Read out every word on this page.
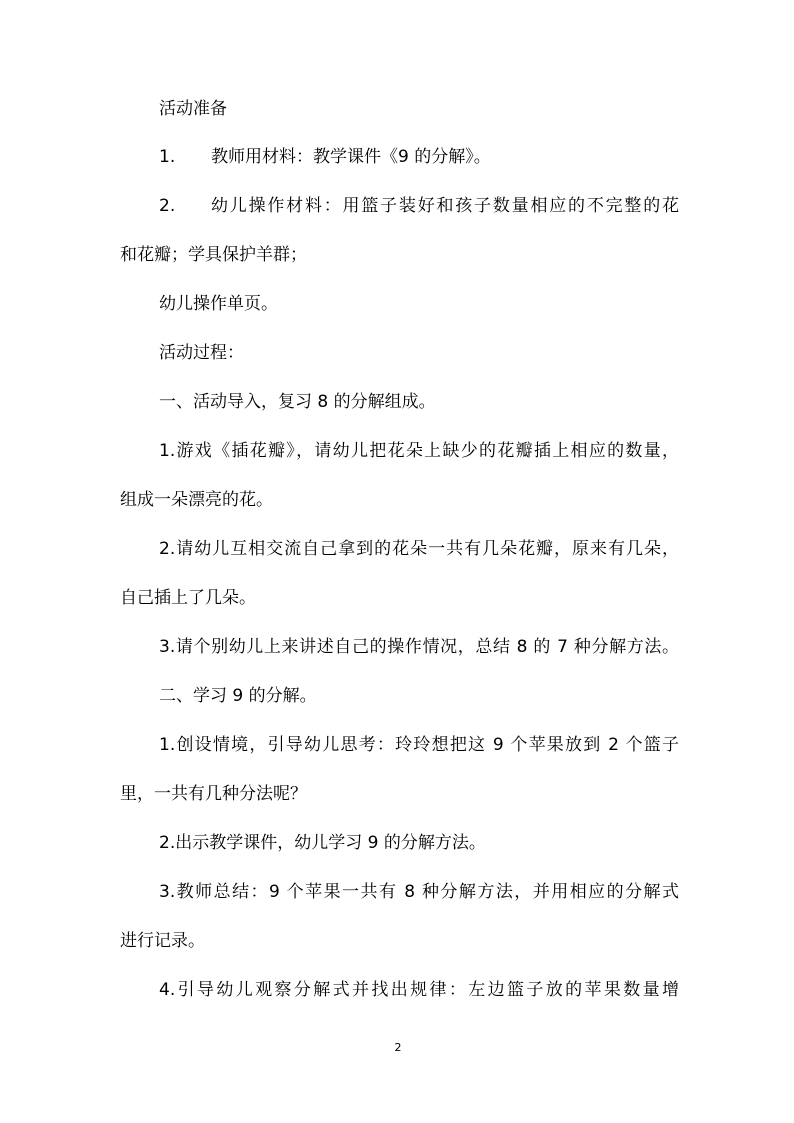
活动准备
1. 教师用材料：教学课件《9 的分解》。
2. 幼儿操作材料：用篮子装好和孩子数量相应的不完整的花
和花瓣；学具保护羊群；
幼儿操作单页。
活动过程：
一、活动导入，复习 8 的分解组成。
1.游戏《插花瓣》，请幼儿把花朵上缺少的花瓣插上相应的数量，
组成一朵漂亮的花。
2.请幼儿互相交流自己拿到的花朵一共有几朵花瓣，原来有几朵，
自己插上了几朵。
3.请个别幼儿上来讲述自己的操作情况，总结 8 的 7 种分解方法。
二、学习 9 的分解。
1.创设情境，引导幼儿思考：玲玲想把这 9 个苹果放到 2 个篮子
里，一共有几种分法呢？
2.出示教学课件，幼儿学习 9 的分解方法。
3.教师总结：9 个苹果一共有 8 种分解方法，并用相应的分解式
进行记录。
4.引导幼儿观察分解式并找出规律：左边篮子放的苹果数量增
2
